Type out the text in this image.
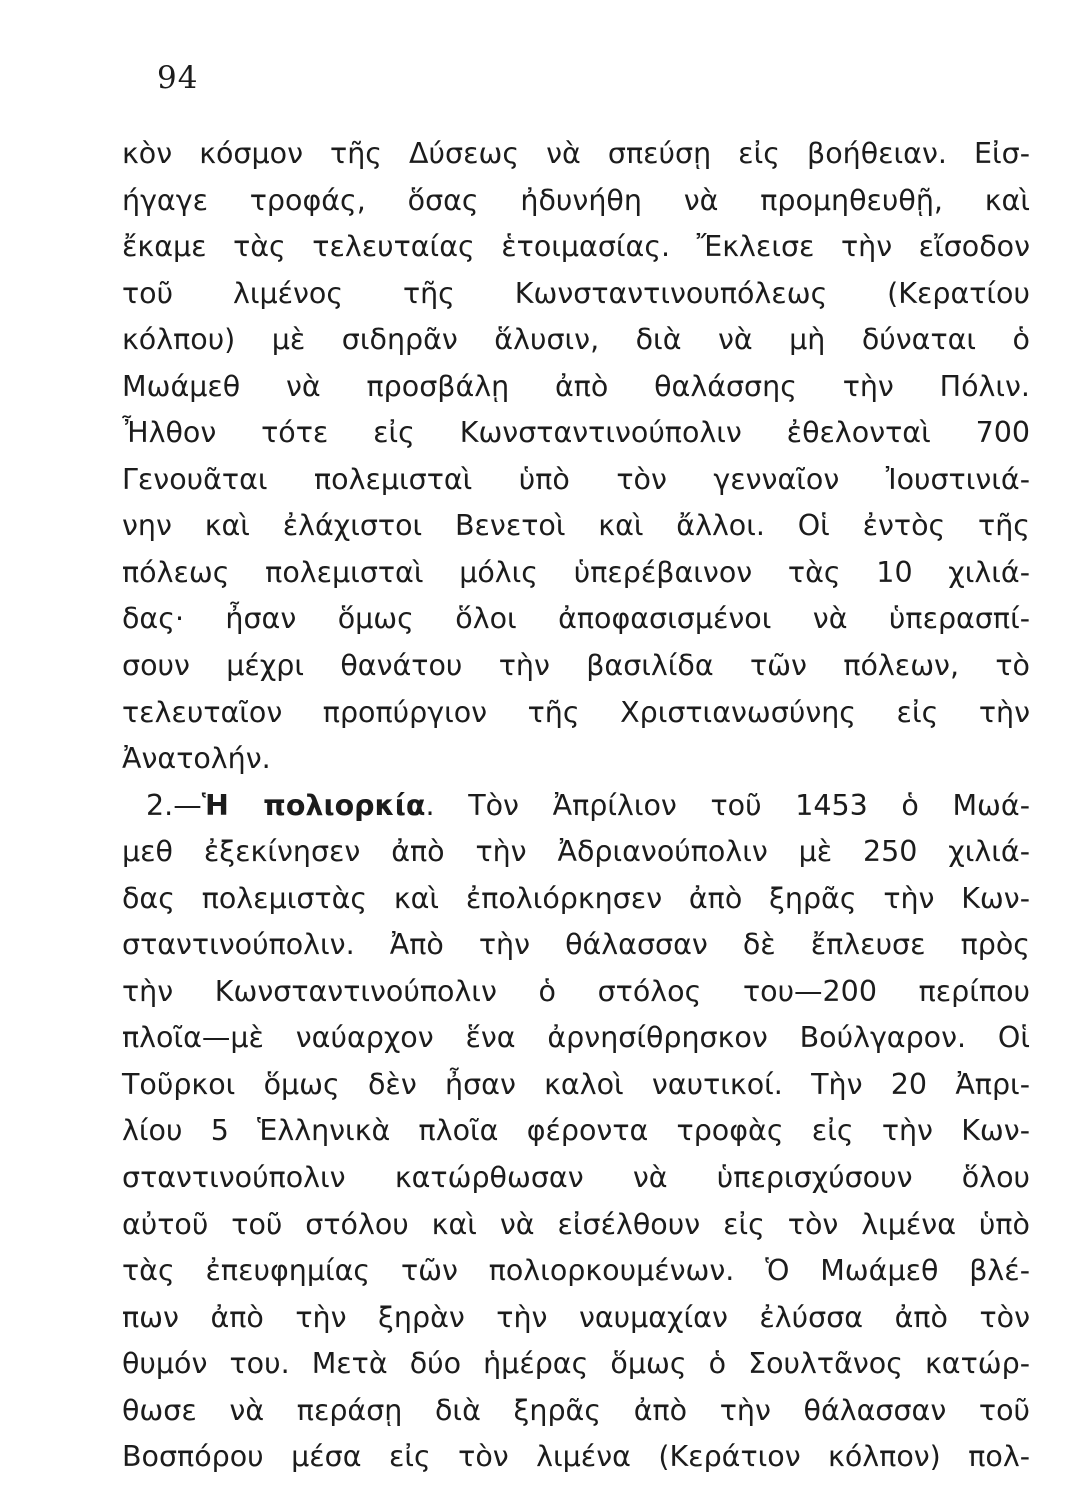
94
κὸν κόσμον τῆς Δύσεως νὰ σπεύσῃ εἰς βοήθειαν. Εἰσ-
ήγαγε τροφάς, ὅσας ἠδυνήθη νὰ προμηθευθῇ, καὶ
ἔκαμε τὰς τελευταίας ἑτοιμασίας. Ἔκλεισε τὴν εἴσοδον
τοῦ λιμένος τῆς Κωνσταντινουπόλεως (Κερατίου
κόλπου) μὲ σιδηρᾶν ἅλυσιν, διὰ νὰ μὴ δύναται ὁ
Μωάμεθ νὰ προσβάλῃ ἀπὸ θαλάσσης τὴν Πόλιν.
Ἦλθον τότε εἰς Κωνσταντινούπολιν ἐθελονταὶ 700
Γενουᾶται πολεμισταὶ ὑπὸ τὸν γενναῖον Ἰουστινιά-
νην καὶ ἐλάχιστοι Βενετοὶ καὶ ἄλλοι. Οἱ ἐντὸς τῆς
πόλεως πολεμισταὶ μόλις ὑπερέβαινον τὰς 10 χιλιά-
δας· ἦσαν ὅμως ὅλοι ἀποφασισμένοι νὰ ὑπερασπί-
σουν μέχρι θανάτου τὴν βασιλίδα τῶν πόλεων, τὸ
τελευταῖον προπύργιον τῆς Χριστιανωσύνης εἰς τὴν
Ἀνατολήν.
2.—Ἡ πολιορκία. Τὸν Ἀπρίλιον τοῦ 1453 ὁ Μωά-
μεθ ἐξεκίνησεν ἀπὸ τὴν Ἀδριανούπολιν μὲ 250 χιλιά-
δας πολεμιστὰς καὶ ἐπολιόρκησεν ἀπὸ ξηρᾶς τὴν Κων-
σταντινούπολιν. Ἀπὸ τὴν θάλασσαν δὲ ἔπλευσε πρὸς
τὴν Κωνσταντινούπολιν ὁ στόλος του—200 περίπου
πλοῖα—μὲ ναύαρχον ἕνα ἀρνησίθρησκον Βούλγαρον. Οἱ
Τοῦρκοι ὅμως δὲν ἦσαν καλοὶ ναυτικοί. Τὴν 20 Ἀπρι-
λίου 5 Ἑλληνικὰ πλοῖα φέροντα τροφὰς εἰς τὴν Κων-
σταντινούπολιν κατώρθωσαν νὰ ὑπερισχύσουν ὅλου
αὐτοῦ τοῦ στόλου καὶ νὰ εἰσέλθουν εἰς τὸν λιμένα ὑπὸ
τὰς ἐπευφημίας τῶν πολιορκουμένων. Ὁ Μωάμεθ βλέ-
πων ἀπὸ τὴν ξηρὰν τὴν ναυμαχίαν ἐλύσσα ἀπὸ τὸν
θυμόν του. Μετὰ δύο ἡμέρας ὅμως ὁ Σουλτᾶνος κατώρ-
θωσε νὰ περάσῃ διὰ ξηρᾶς ἀπὸ τὴν θάλασσαν τοῦ
Βοσπόρου μέσα εἰς τὸν λιμένα (Κεράτιον κόλπον) πολ-
